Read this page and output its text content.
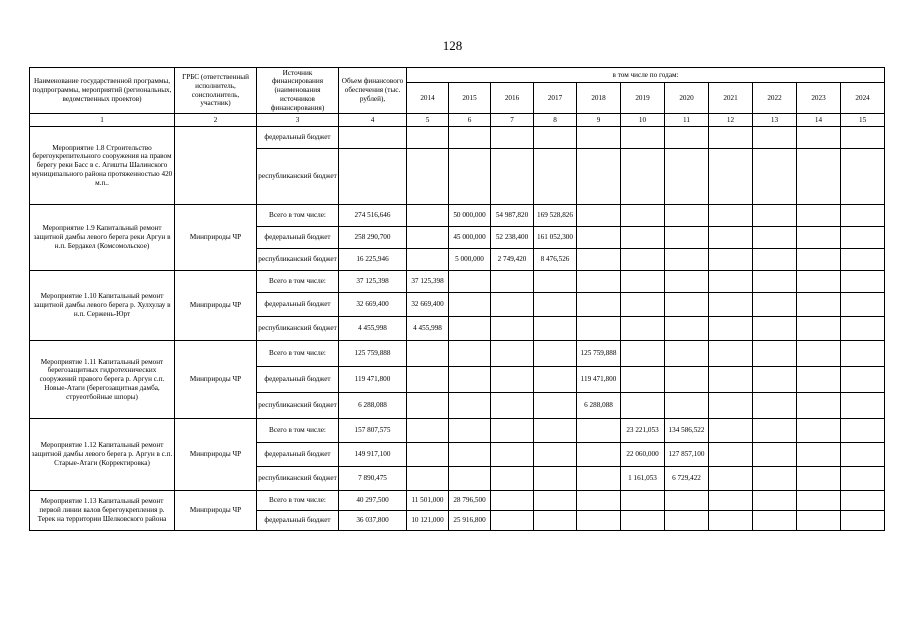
128
Наименование государственной программы, подпрограммы, мероприятий (региональных, ведомственных проектов)	ГРБС (ответственный исполнитель, соисполнитель, участник)	Источник финансирования (наименования источников финансирования)	Объем финансового обеспечения (тыс. рублей),	в том числе по годам:										
				2014	2015	2016	2017	2018	2019	2020	2021	2022	2023	2024
1	2	3	4	5	6	7	8	9	10	11	12	13	14	15
Мероприятие 1.8 Строительство берегоукрепительного сооружения на правом берегу реки Басс в с. Агишты Шалинского муниципального района протяженностью 420 м.п..		федеральный бюджет												
		республиканский бюджет												
Мероприятие 1.9 Капитальный ремонт защитной дамбы левого берега реки Аргун в н.п. Бердакел (Комсомольское)	Минприроды ЧР	Всего в том числе:	274 516,646		50 000,000	54 987,820	169 528,826							
		федеральный бюджет	258 290,700		45 000,000	52 238,400	161 052,300							
		республиканский бюджет	16 225,946		5 000,000	2 749,420	8 476,526							
Мероприятие 1.10 Капитальный ремонт защитной дамбы левого берега р. Хулхулау в н.п. Сержень-Юрт	Минприроды ЧР	Всего в том числе:	37 125,398	37 125,398										
		федеральный бюджет	32 669,400	32 669,400										
		республиканский бюджет	4 455,998	4 455,998										
Мероприятие 1.11 Капитальный ремонт берегозащитных гидротехнических сооружений правого берега р. Аргун с.п. Новые-Атаги (берегозащитная дамба, струеотбойные шпоры)	Минприроды ЧР	Всего в том числе:	125 759,888					125 759,888						
		федеральный бюджет	119 471,800					119 471,800						
		республиканский бюджет	6 288,088					6 288,088						
Мероприятие 1.12 Капитальный ремонт защитной дамбы левого берега р. Аргун в с.п. Старые-Атаги (Корректировка)	Минприроды ЧР	Всего в том числе:	157 807,575						23 221,053	134 586,522				
		федеральный бюджет	149 917,100						22 060,000	127 857,100				
		республиканский бюджет	7 890,475						1 161,053	6 729,422				
Мероприятие 1.13 Капитальный ремонт первой линии валов берегоукрепления р. Терек на территории Шелковского района	Минприроды ЧР	Всего в том числе:	40 297,500	11 501,000	28 796,500									
		федеральный бюджет	36 037,800	10 121,000	25 916,800									
